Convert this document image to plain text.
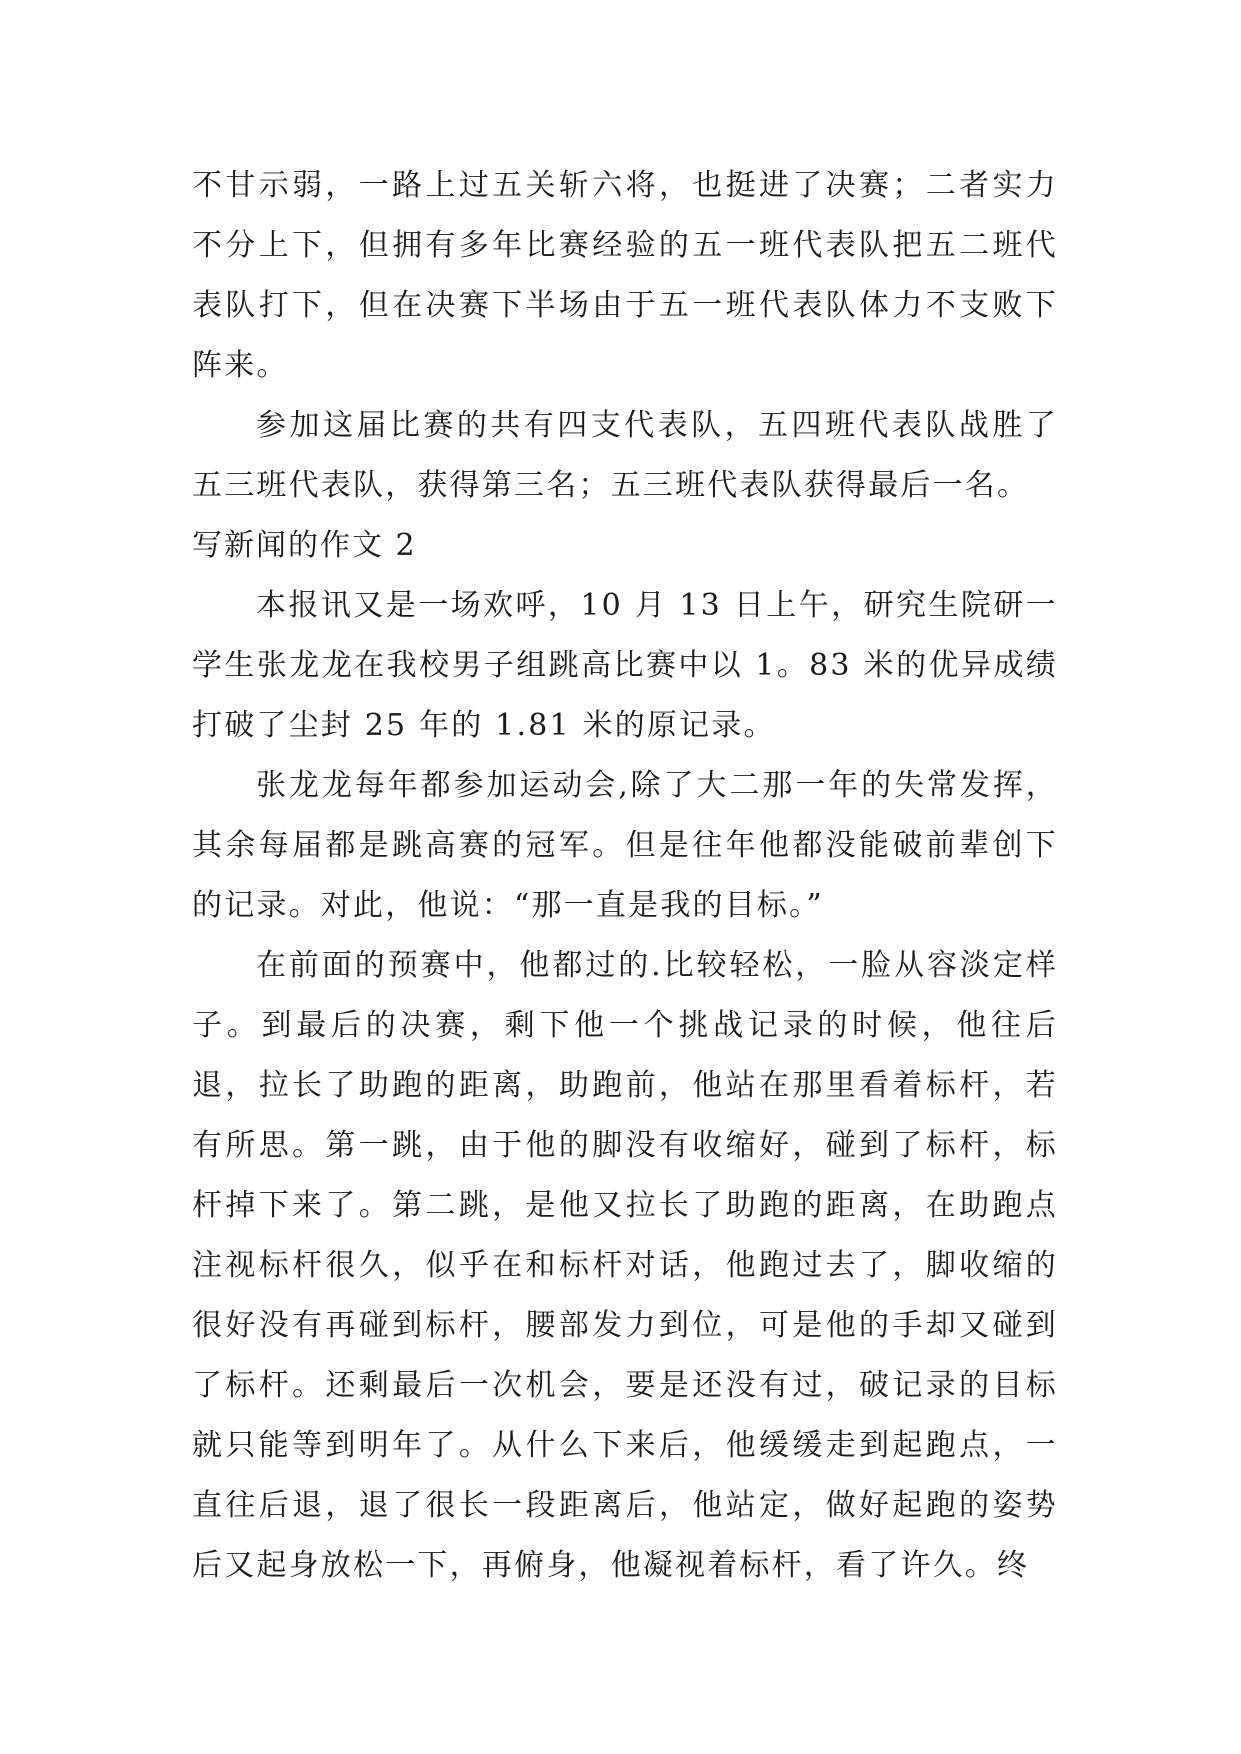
不甘示弱，一路上过五关斩六将，也挺进了决赛；二者实力不分上下，但拥有多年比赛经验的五一班代表队把五二班代表队打下，但在决赛下半场由于五一班代表队体力不支败下阵来。

参加这届比赛的共有四支代表队，五四班代表队战胜了五三班代表队，获得第三名；五三班代表队获得最后一名。

写新闻的作文 2

本报讯又是一场欢呼，10 月 13 日上午，研究生院研一学生张龙龙在我校男子组跳高比赛中以 1。83 米的优异成绩打破了尘封 25 年的 1.81 米的原记录。

张龙龙每年都参加运动会,除了大二那一年的失常发挥，其余每届都是跳高赛的冠军。但是往年他都没能破前辈创下的记录。对此，他说：“那一直是我的目标。”

在前面的预赛中，他都过的.比较轻松，一脸从容淡定样子。到最后的决赛，剩下他一个挑战记录的时候，他往后退，拉长了助跑的距离，助跑前，他站在那里看着标杆，若有所思。第一跳，由于他的脚没有收缩好，碰到了标杆，标杆掉下来了。第二跳，是他又拉长了助跑的距离，在助跑点注视标杆很久，似乎在和标杆对话，他跑过去了，脚收缩的很好没有再碰到标杆，腰部发力到位，可是他的手却又碰到了标杆。还剩最后一次机会，要是还没有过，破记录的目标就只能等到明年了。从什么下来后，他缓缓走到起跑点，一直往后退，退了很长一段距离后，他站定，做好起跑的姿势后又起身放松一下，再俯身，他凝视着标杆，看了许久。终
